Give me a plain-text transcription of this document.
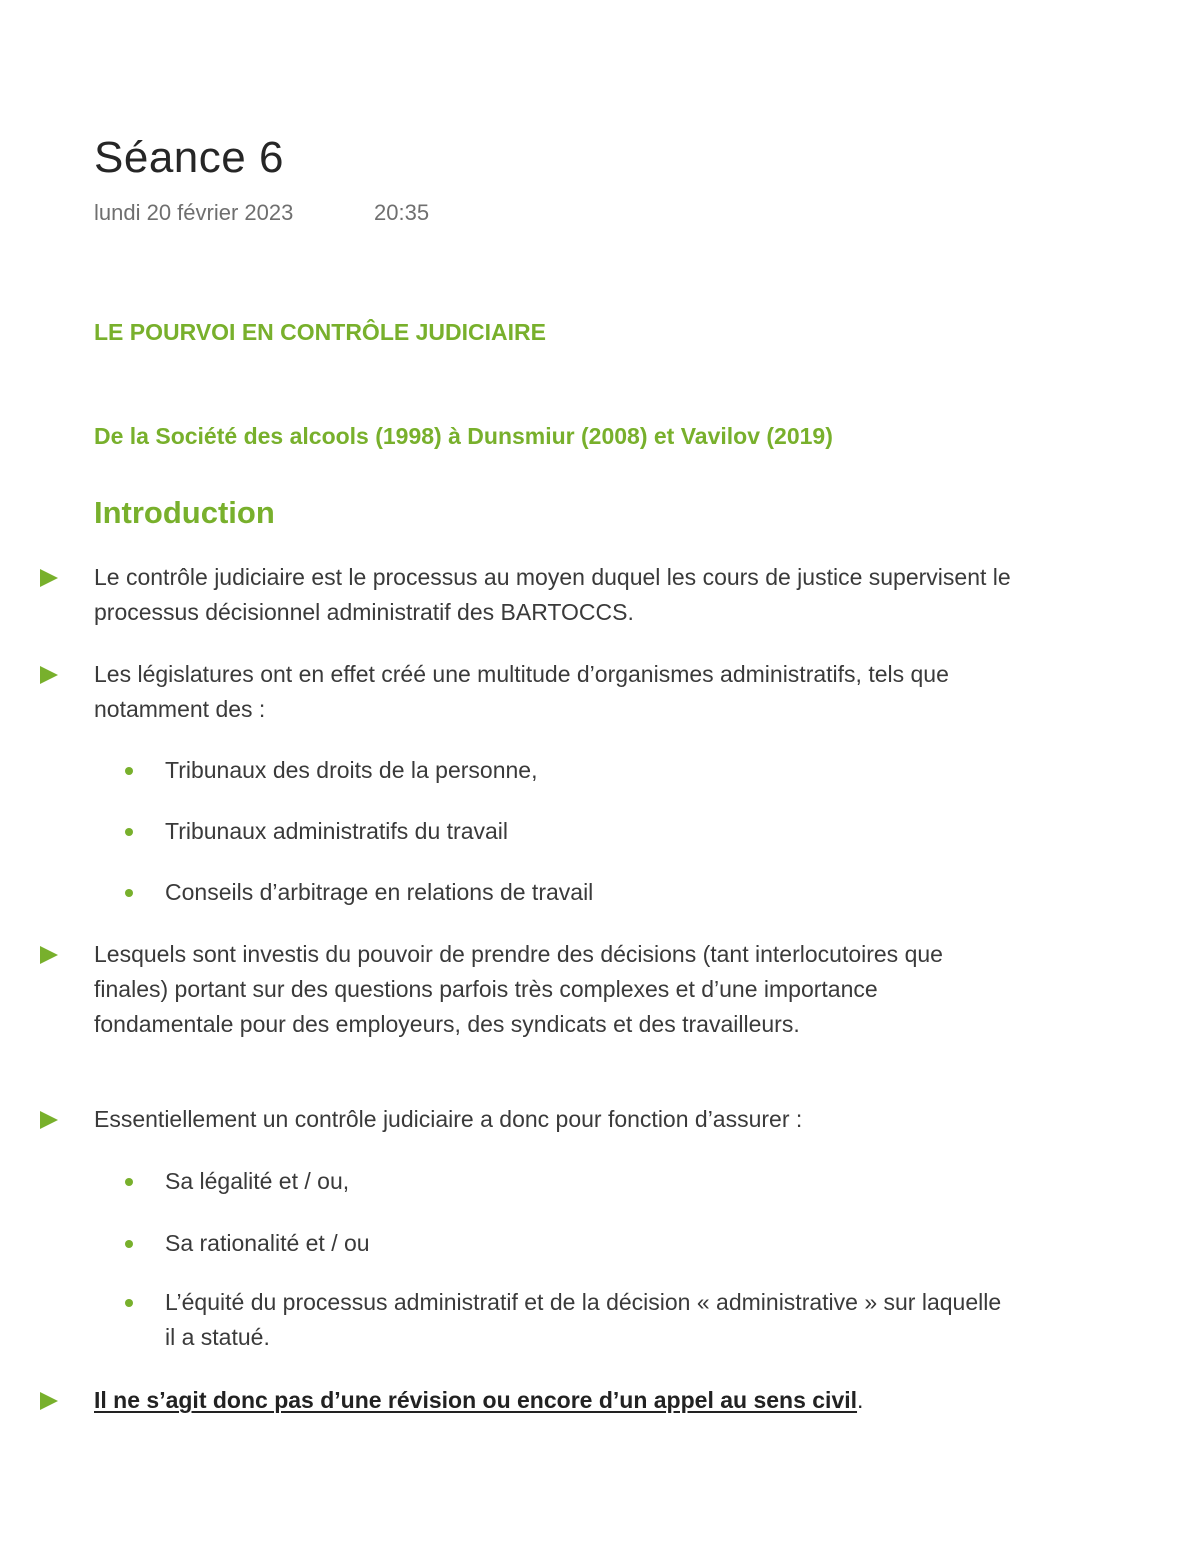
Séance 6
lundi 20 février 2023	20:35
LE POURVOI EN CONTRÔLE JUDICIAIRE
De la Société des alcools (1998) à Dunsmiur (2008) et Vavilov (2019)
Introduction
Le contrôle judiciaire est le processus au moyen duquel les cours de justice supervisent le processus décisionnel administratif des BARTOCCS.
Les législatures ont en effet créé une multitude d’organismes administratifs, tels que notamment des :
Tribunaux des droits de la personne,
Tribunaux administratifs du travail
Conseils d’arbitrage en relations de travail
Lesquels sont investis du pouvoir de prendre des décisions (tant interlocutoires que finales) portant sur des questions parfois très complexes et d’une importance fondamentale pour des employeurs, des syndicats et des travailleurs.
Essentiellement un contrôle judiciaire a donc pour fonction d’assurer :
Sa légalité et / ou,
Sa rationalité et / ou
L’équité du processus administratif et de la décision « administrative » sur laquelle il a statué.
Il ne s’agit donc pas d’une révision ou encore d’un appel au sens civil.
